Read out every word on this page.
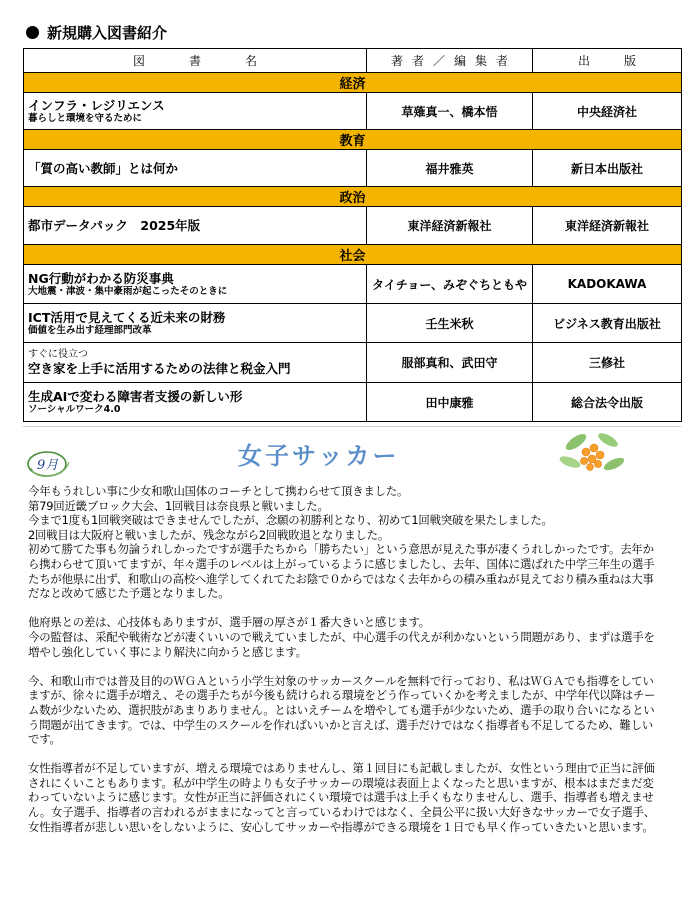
新規購入図書紹介
図書名	著者／編集者	出版
経済		
インフラ・レジリエンス
暮らしと環境を守るために	草薙真一、橋本悟	中央経済社
教育		
「質の高い教師」とは何か	福井雅英	新日本出版社
政治		
都市データパック　2025年版	東洋経済新報社	東洋経済新報社
社会		
NG行動がわかる防災事典
大地震・津波・集中豪雨が起こったそのときに	タイチョー、みぞぐちともや	KADOKAWA
ICT活用で見えてくる近未来の財務
価値を生み出す経理部門改革	壬生米秋	ビジネス教育出版社

すぐに役立つ
空き家を上手に活用するための法律と税金入門	服部真和、武田守	三修社
生成AIで変わる障害者支援の新しい形
ソーシャルワーク4.0	田中康雅	総合法令出版
9月	女子サッカー

今年もうれしい事に少女和歌山国体のコーチとして携わらせて頂きました。

第79回近畿ブロック大会、1回戦目は奈良県と戦いました。

今まで1度も1回戦突破はできませんでしたが、念願の初勝利となり、初めて1回戦突破を果たしました。

2回戦目は大阪府と戦いましたが、残念ながら2回戦敗退となりました。

初めて勝てた事も勿論うれしかったですが選手たちから「勝ちたい」という意思が見えた事が凄くうれしかったです。去年から携わらせて頂いてますが、年々選手のレベルは上がっているように感じましたし、去年、国体に選ばれた中学三年生の選手たちが他県に出ず、和歌山の高校へ進学してくれてたお陰で０からではなく去年からの積み重ねが見えており積み重ねは大事だなと改めて感じた予選となりました。

他府県との差は、心技体もありますが、選手層の厚さが１番大きいと感じます。

今の監督は、采配や戦術などが凄くいいので戦えていましたが、中心選手の代えが利かないという問題があり、まずは選手を増やし強化していく事により解決に向かうと感じます。

今、和歌山市では普及目的のＷＧＡという小学生対象のサッカースクールを無料で行っており、私はＷＧＡでも指導をしていますが、徐々に選手が増え、その選手たちが今後も続けられる環境をどう作っていくかを考えましたが、中学年代以降はチーム数が少ないため、選択肢があまりありません。とはいえチームを増やしても選手が少ないため、選手の取り合いになるという問題が出てきます。では、中学生のスクールを作ればいいかと言えば、選手だけではなく指導者も不足してるため、難しいです。

女性指導者が不足していますが、増える環境ではありませんし、第１回目にも記載しましたが、女性という理由で正当に評価されにくいこともあります。私が中学生の時よりも女子サッカーの環境は表面上よくなったと思いますが、根本はまだまだ変わっていないように感じます。女性が正当に評価されにくい環境では選手は上手くもなりませんし、選手、指導者も増えません。女子選手、指導者の言われるがままになってと言っているわけではなく、全員公平に扱い大好きなサッカーで女子選手、女性指導者が悲しい思いをしないように、安心してサッカーや指導ができる環境を１日でも早く作っていきたいと思います。
